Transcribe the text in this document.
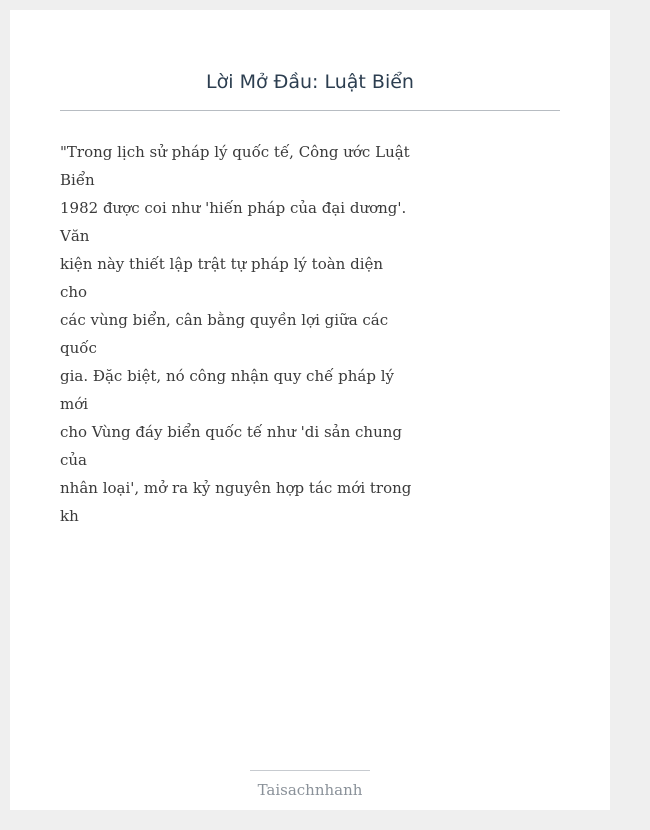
Lời Mở Đầu: Luật Biển
"Trong lịch sử pháp lý quốc tế, Công ước Luật
Biển
1982 được coi như 'hiến pháp của đại dương'.
Văn
kiện này thiết lập trật tự pháp lý toàn diện
cho
các vùng biển, cân bằng quyền lợi giữa các
quốc
gia. Đặc biệt, nó công nhận quy chế pháp lý
mới
cho Vùng đáy biển quốc tế như 'di sản chung
của
nhân loại', mở ra kỷ nguyên hợp tác mới trong
kh
Taisachnhanh
